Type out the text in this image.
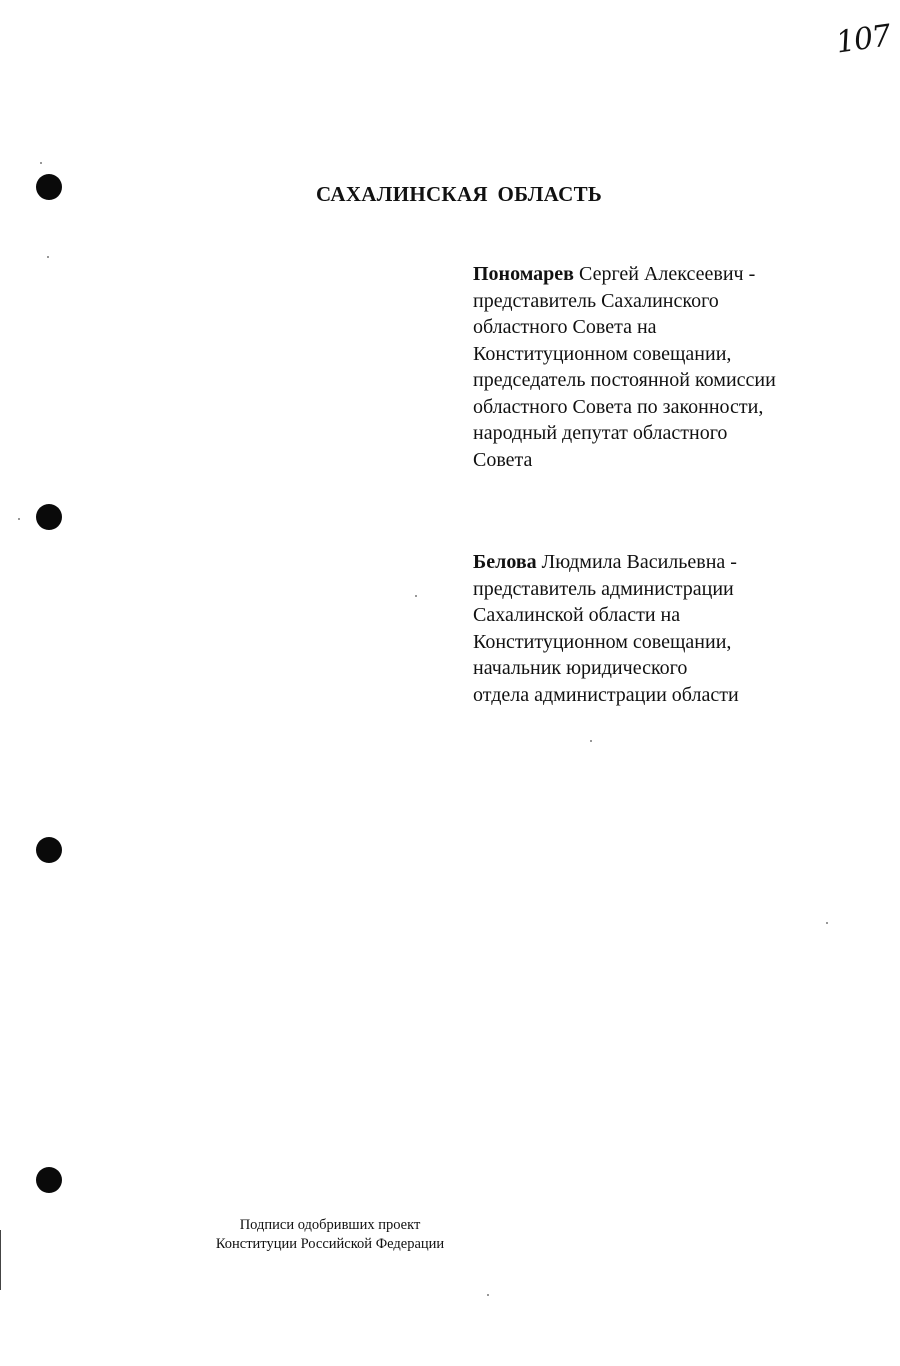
107
САХАЛИНСКАЯ ОБЛАСТЬ
Пономарев Сергей Алексеевич -
представитель Сахалинского
областного Совета на
Конституционном совещании,
председатель постоянной комиссии
областного Совета по законности,
народный депутат областного
Совета
Белова Людмила Васильевна -
представитель администрации
Сахалинской области на
Конституционном совещании,
начальник юридического
отдела администрации области
Подписи одобривших проект
Конституции Российской Федерации
